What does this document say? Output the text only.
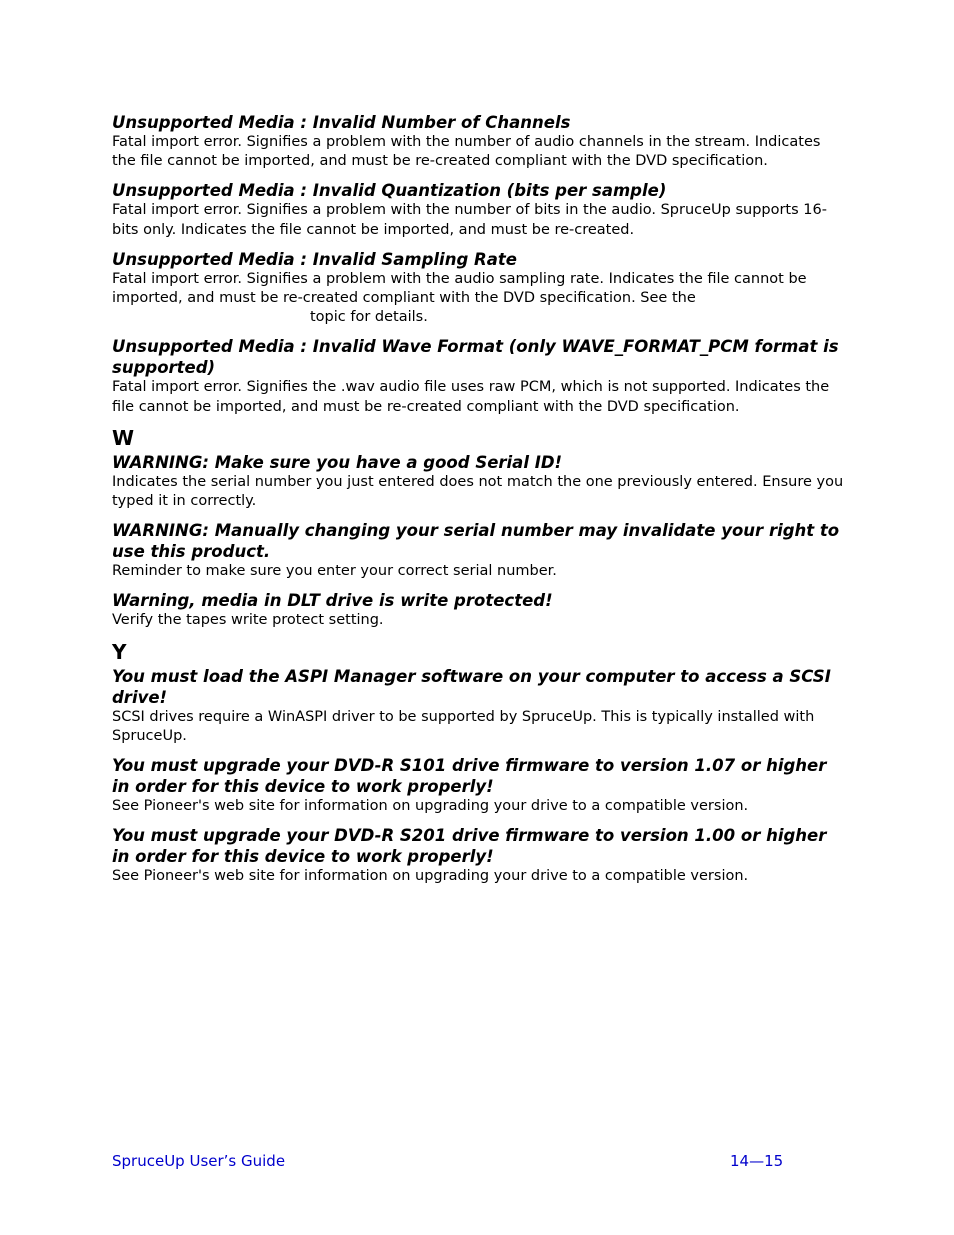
Unsupported Media : Invalid Number of Channels

Fatal import error. Signifies a problem with the number of audio channels in the stream. Indicates the file cannot be imported, and must be re-created compliant with the DVD specification.

Unsupported Media : Invalid Quantization (bits per sample)

Fatal import error. Signifies a problem with the number of bits in the audio. SpruceUp supports 16-bits only. Indicates the file cannot be imported, and must be re-created.

Unsupported Media : Invalid Sampling Rate

Fatal import error. Signifies a problem with the audio sampling rate. Indicates the file cannot be imported, and must be re-created compliant with the DVD specification. See the
topic for details.

Unsupported Media : Invalid Wave Format (only WAVE_FORMAT_PCM format is supported)

Fatal import error. Signifies the .wav audio file uses raw PCM, which is not supported. Indicates the file cannot be imported, and must be re-created compliant with the DVD specification.

W

WARNING: Make sure you have a good Serial ID!

Indicates the serial number you just entered does not match the one previously entered. Ensure you typed it in correctly.

WARNING: Manually changing your serial number may invalidate your right to use this product.

Reminder to make sure you enter your correct serial number.

Warning, media in DLT drive is write protected!

Verify the tapes write protect setting.

Y

You must load the ASPI Manager software on your computer to access a SCSI drive!

SCSI drives require a WinASPI driver to be supported by SpruceUp. This is typically installed with SpruceUp.

You must upgrade your DVD-R S101 drive firmware to version 1.07 or higher in order for this device to work properly!

See Pioneer's web site for information on upgrading your drive to a compatible version.

You must upgrade your DVD-R S201 drive firmware to version 1.00 or higher in order for this device to work properly!

See Pioneer's web site for information on upgrading your drive to a compatible version.

SpruceUp User’s Guide	14—15
